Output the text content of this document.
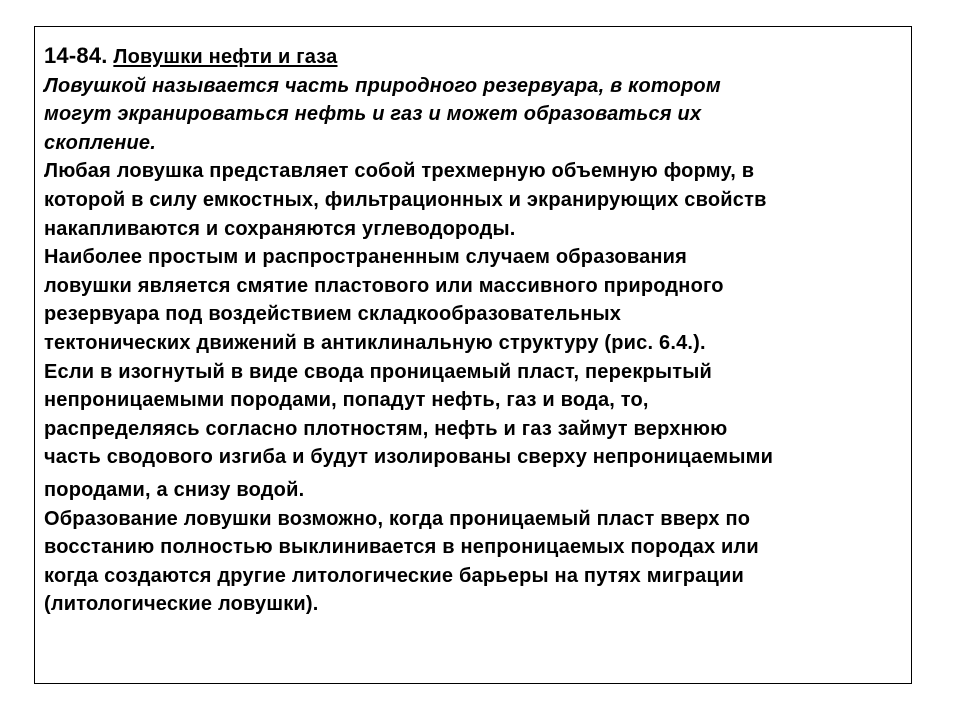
14-84. Ловушки нефти и газа

Ловушкой называется часть природного резервуара, в котором
могут экранироваться нефть и газ и может образоваться их
скопление.

Любая ловушка представляет собой трехмерную объемную форму, в
которой в силу емкостных, фильтрационных и экранирующих свойств
накапливаются и сохраняются углеводороды.

Наиболее простым и распространенным случаем образования
ловушки является смятие пластового или массивного природного
резервуара под воздействием складкообразовательных
тектонических движений в антиклинальную структуру (рис. 6.4.).

Если в изогнутый в виде свода проницаемый пласт, перекрытый
непроницаемыми породами, попадут нефть, газ и вода, то,
распределяясь согласно плотностям, нефть и газ займут верхнюю
часть сводового изгиба и будут изолированы сверху непроницаемыми
породами, а снизу водой.

Образование ловушки возможно, когда проницаемый пласт вверх по
восстанию полностью выклинивается в непроницаемых породах или
когда создаются другие литологические барьеры на путях миграции
(литологические ловушки).
